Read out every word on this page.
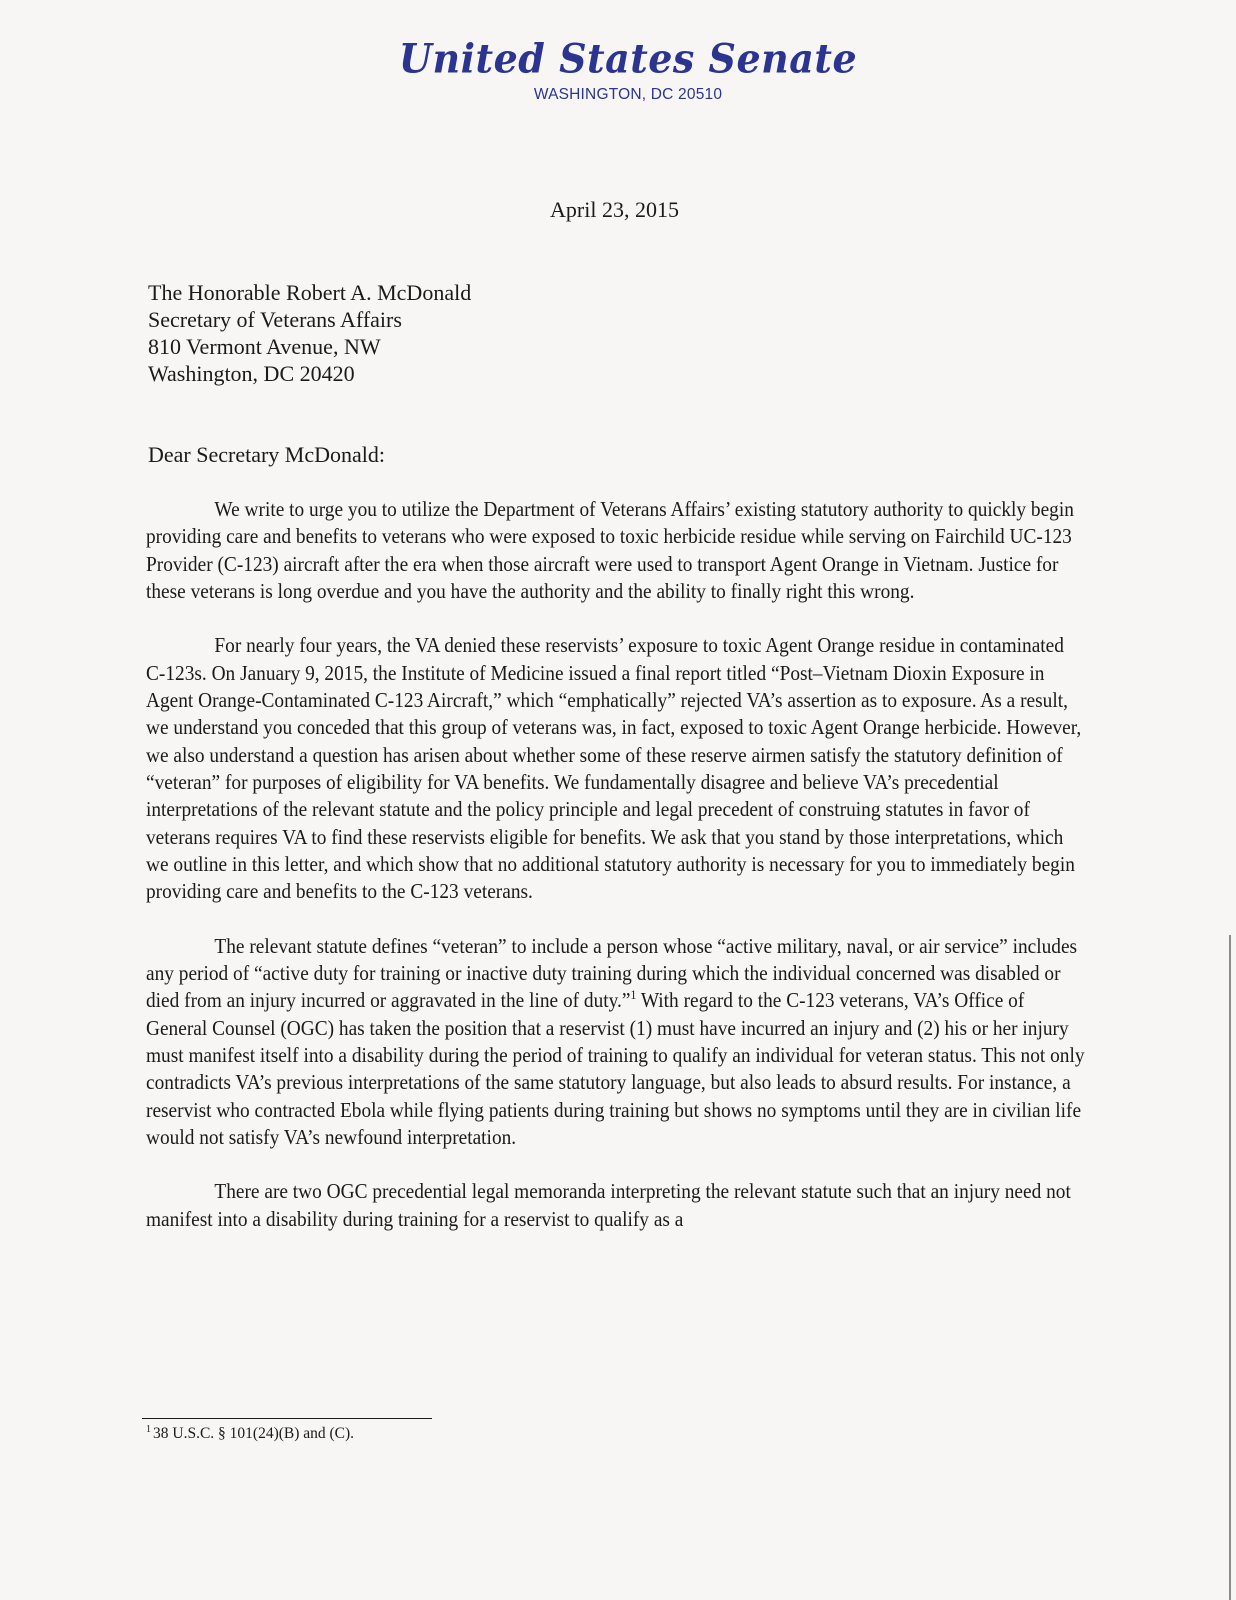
United States Senate
WASHINGTON, DC 20510
April 23, 2015
The Honorable Robert A. McDonald
Secretary of Veterans Affairs
810 Vermont Avenue, NW
Washington, DC 20420
Dear Secretary McDonald:

We write to urge you to utilize the Department of Veterans Affairs’ existing statutory authority to quickly begin providing care and benefits to veterans who were exposed to toxic herbicide residue while serving on Fairchild UC-123 Provider (C-123) aircraft after the era when those aircraft were used to transport Agent Orange in Vietnam. Justice for these veterans is long overdue and you have the authority and the ability to finally right this wrong.

For nearly four years, the VA denied these reservists’ exposure to toxic Agent Orange residue in contaminated C-123s. On January 9, 2015, the Institute of Medicine issued a final report titled “Post–Vietnam Dioxin Exposure in Agent Orange-Contaminated C-123 Aircraft,” which “emphatically” rejected VA’s assertion as to exposure. As a result, we understand you conceded that this group of veterans was, in fact, exposed to toxic Agent Orange herbicide. However, we also understand a question has arisen about whether some of these reserve airmen satisfy the statutory definition of “veteran” for purposes of eligibility for VA benefits. We fundamentally disagree and believe VA’s precedential interpretations of the relevant statute and the policy principle and legal precedent of construing statutes in favor of veterans requires VA to find these reservists eligible for benefits. We ask that you stand by those interpretations, which we outline in this letter, and which show that no additional statutory authority is necessary for you to immediately begin providing care and benefits to the C-123 veterans.

The relevant statute defines “veteran” to include a person whose “active military, naval, or air service” includes any period of “active duty for training or inactive duty training during which the individual concerned was disabled or died from an injury incurred or aggravated in the line of duty.”$^1$ With regard to the C-123 veterans, VA’s Office of General Counsel (OGC) has taken the position that a reservist (1) must have incurred an injury and (2) his or her injury must manifest itself into a disability during the period of training to qualify an individual for veteran status. This not only contradicts VA’s previous interpretations of the same statutory language, but also leads to absurd results. For instance, a reservist who contracted Ebola while flying patients during training but shows no symptoms until they are in civilian life would not satisfy VA’s newfound interpretation.

There are two OGC precedential legal memoranda interpreting the relevant statute such that an injury need not manifest into a disability during training for a reservist to qualify as a

$^1$ 38 U.S.C. § 101(24)(B) and (C).
